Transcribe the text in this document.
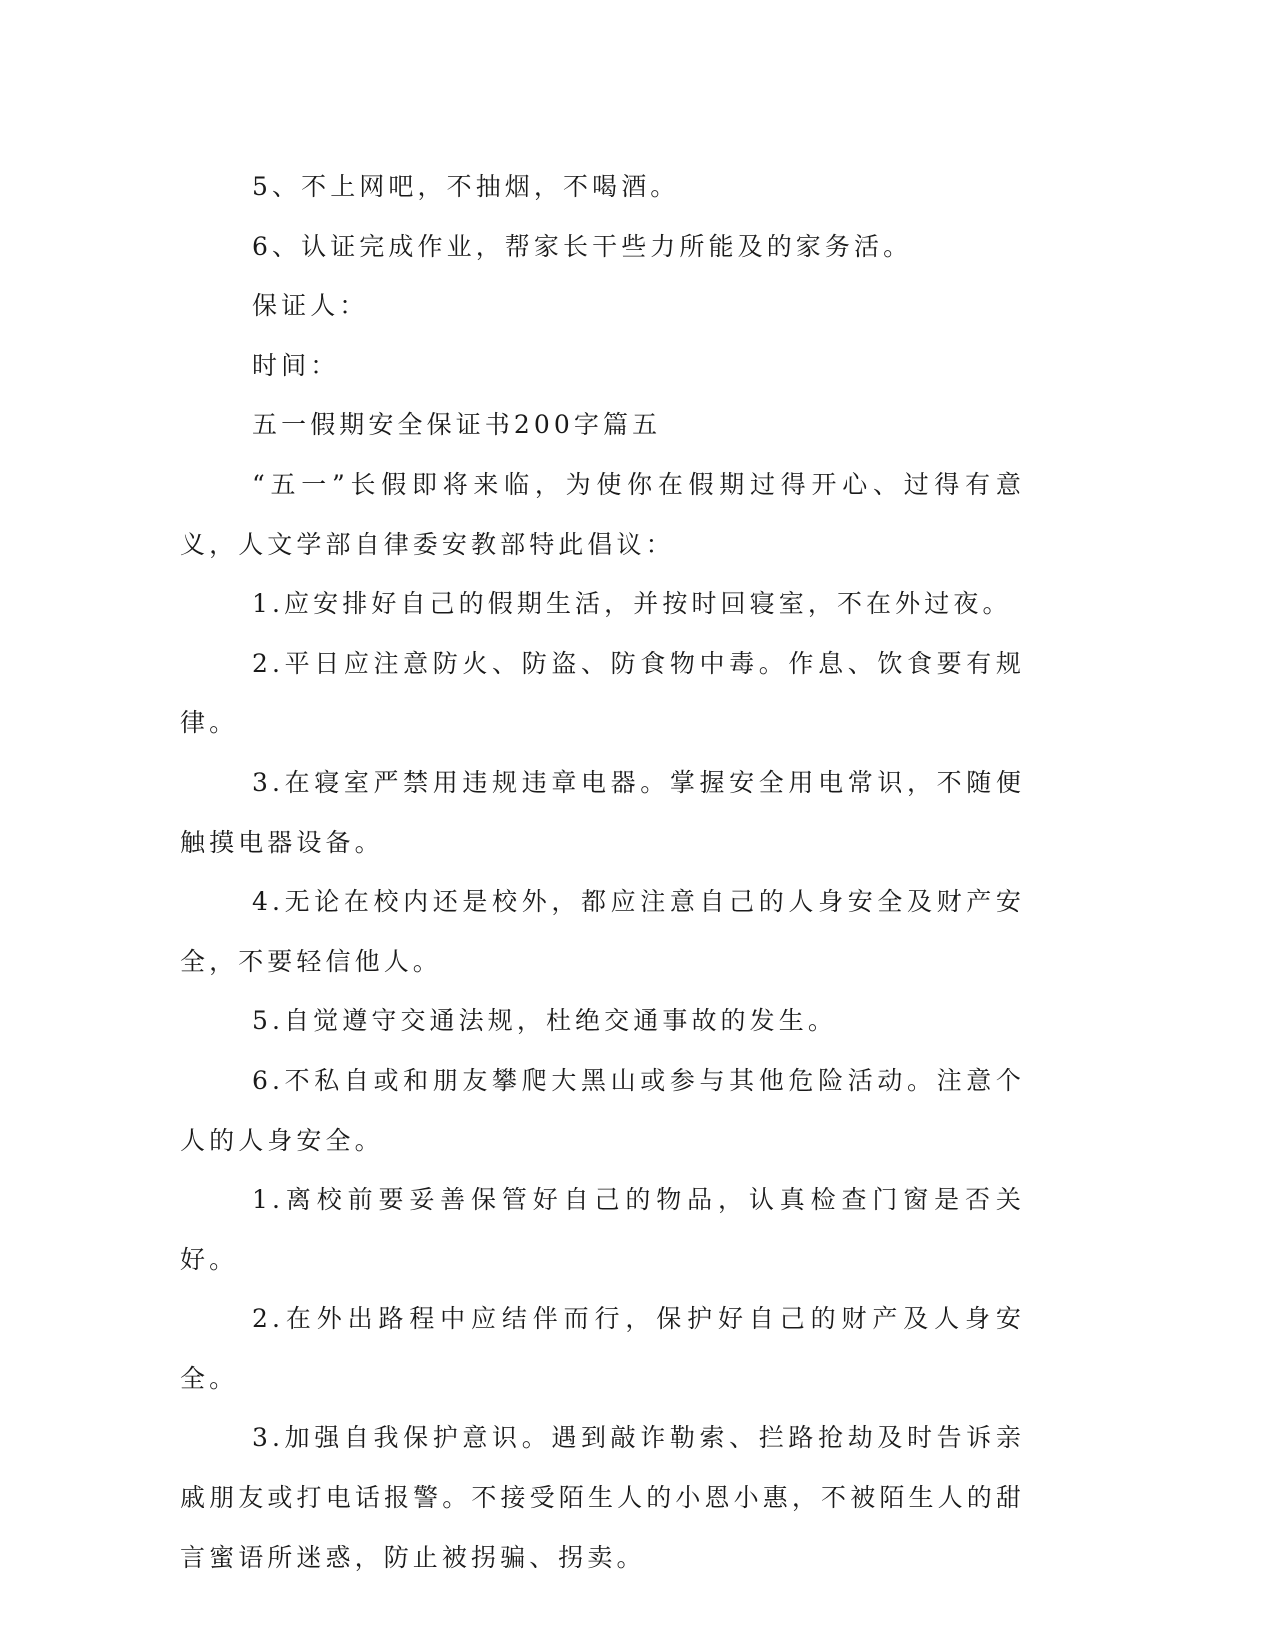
5、不上网吧，不抽烟，不喝酒。

6、认证完成作业，帮家长干些力所能及的家务活。

保证人：

时间：

五一假期安全保证书200字篇五

“五一”长假即将来临，为使你在假期过得开心、过得有意义，人文学部自律委安教部特此倡议：

1.应安排好自己的假期生活，并按时回寝室，不在外过夜。

2.平日应注意防火、防盗、防食物中毒。作息、饮食要有规律。

3.在寝室严禁用违规违章电器。掌握安全用电常识，不随便触摸电器设备。

4.无论在校内还是校外，都应注意自己的人身安全及财产安全，不要轻信他人。

5.自觉遵守交通法规，杜绝交通事故的发生。

6.不私自或和朋友攀爬大黑山或参与其他危险活动。注意个人的人身安全。

1.离校前要妥善保管好自己的物品，认真检查门窗是否关好。

2.在外出路程中应结伴而行，保护好自己的财产及人身安全。

3.加强自我保护意识。遇到敲诈勒索、拦路抢劫及时告诉亲戚朋友或打电话报警。不接受陌生人的小恩小惠，不被陌生人的甜言蜜语所迷惑，防止被拐骗、拐卖。
